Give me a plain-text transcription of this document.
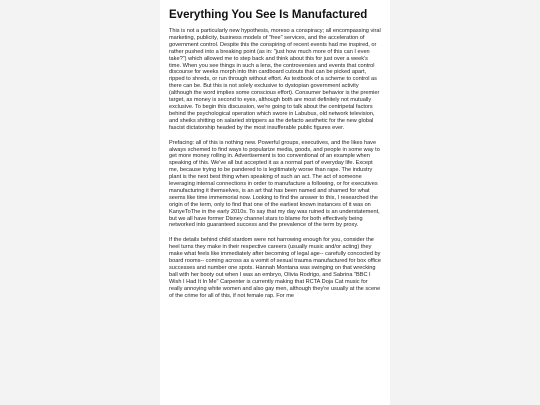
Everything You See Is Manufactured

This is not a particularly new hypothesis, moreso a conspiracy; all encompassing viral marketing, publicity, business models of "free" services, and the acceleration of government control. Despite this the conspiring of recent events had me inspired, or rather pushed into a breaking point (as in: "just how much more of this can I even take?") which allowed me to step back and think about this for just over a week's time. When you see things in such a lens, the controversies and events that control discourse for weeks morph into thin cardboard cutouts that can be picked apart, ripped to shreds, or run through without effort. As textbook of a scheme to control as there can be. But this is not solely exclusive to dystopian government activity (although the word implies some conscious effort). Consumer behavior is the premier target, as money is second to eyes, although both are most definitely not mutually exclusive. To begin this discussion, we're going to talk about the centripetal factors behind the psychological operation which swore in Labubus, old network television, and sheiks shitting on salaried strippers as the defacto aesthetic for the new global fascist dictatorship headed by the most insufferable public figures ever.

Prefacing: all of this is nothing new. Powerful groups, executives, and the likes have always schemed to find ways to popularize media, goods, and people in some way to get more money rolling in. Advertisement is too conventional of an example when speaking of this. We've all but accepted it as a normal part of everyday life. Except me, because trying to be pandered to is legitimately worse than rape. The industry plant is the next best thing when speaking of such an act. The act of someone leveraging internal connections in order to manufacture a following, or for executives manufacturing it themselves, is an art that has been named and shamed for what seems like time immemorial now. Looking to find the answer to this, I researched the origin of the term, only to find that one of the earliest known instances of it was on KanyeToThe in the early 2010s. To say that my day was ruined is an understatement, but we all have former Disney channel stars to blame for both effectively being networked into guaranteed success and the prevalence of the term by proxy.

If the details behind child stardom were not harrowing enough for you, consider the heel turns they make in their respective careers (usually music and/or acting) they make what feels like immediately after becoming of legal age-- carefully concocted by board rooms-- coming across as a vomit of sexual trauma manufactured for box office successes and number one spots. Hannah Montana was swinging on that wrecking ball with her booty out when I was an embryo, Olivia Rodrigo, and Sabrina "BBC I Wish I Had It In Me" Carpenter is currently making that RCTA Doja Cat music for really annoying white women and also gay men, although they're usually at the scene of the crime for all of this, if not female rap. For me
